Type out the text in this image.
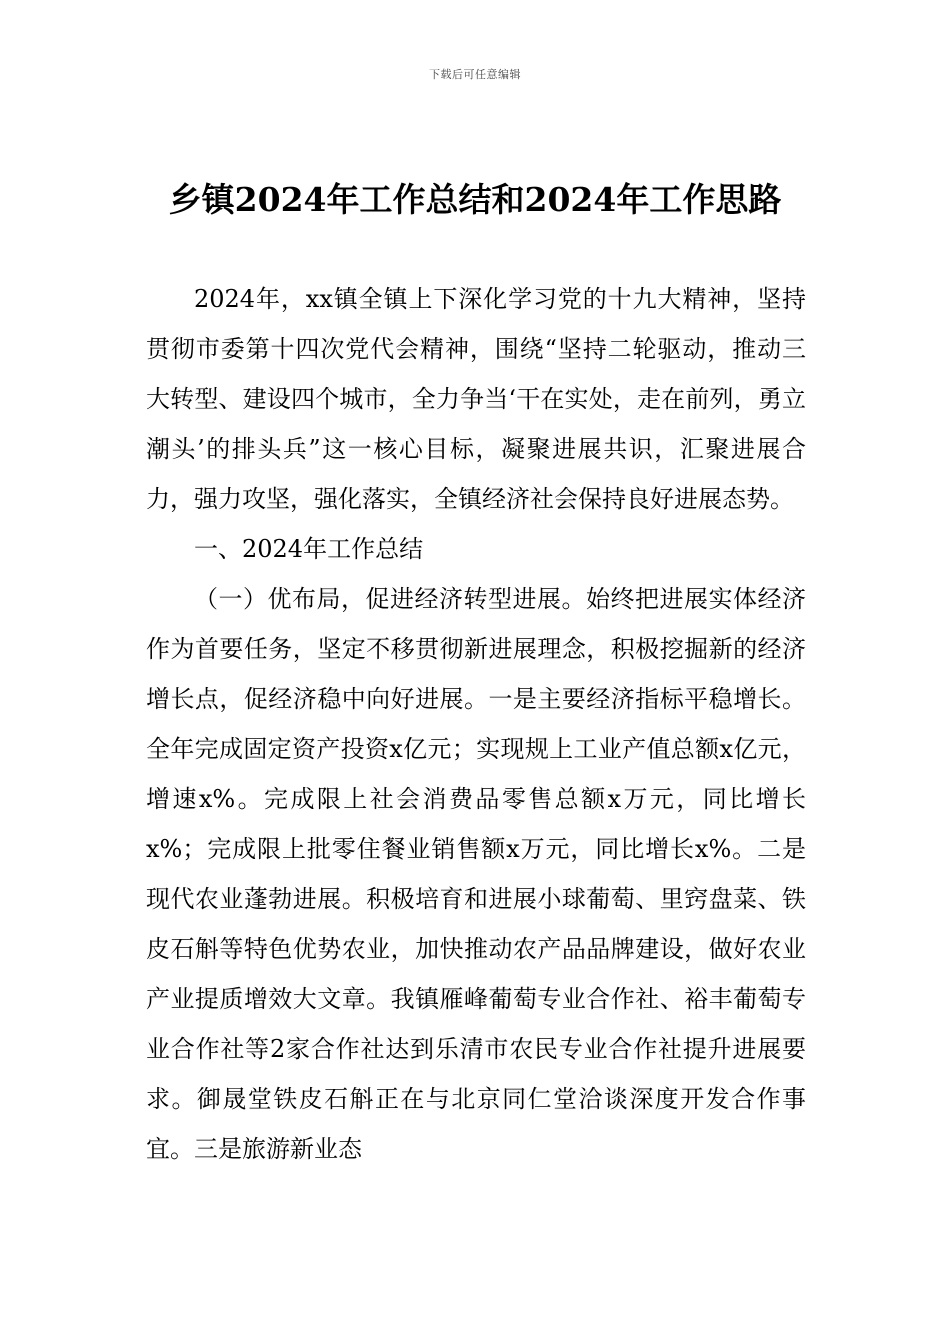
下载后可任意编辑
乡镇2024年工作总结和2024年工作思路

2024年，xx镇全镇上下深化学习党的十九大精神，坚持贯彻市委第十四次党代会精神，围绕“坚持二轮驱动，推动三大转型、建设四个城市，全力争当‘干在实处，走在前列，勇立潮头’的排头兵”这一核心目标，凝聚进展共识，汇聚进展合力，强力攻坚，强化落实，全镇经济社会保持良好进展态势。

一、2024年工作总结

（一）优布局，促进经济转型进展。始终把进展实体经济作为首要任务，坚定不移贯彻新进展理念，积极挖掘新的经济增长点，促经济稳中向好进展。一是主要经济指标平稳增长。全年完成固定资产投资x亿元；实现规上工业产值总额x亿元，增速x%。完成限上社会消费品零售总额x万元，同比增长x%；完成限上批零住餐业销售额x万元，同比增长x%。二是现代农业蓬勃进展。积极培育和进展小球葡萄、里窍盘菜、铁皮石斛等特色优势农业，加快推动农产品品牌建设，做好农业产业提质增效大文章。我镇雁峰葡萄专业合作社、裕丰葡萄专业合作社等2家合作社达到乐清市农民专业合作社提升进展要求。御晟堂铁皮石斛正在与北京同仁堂洽谈深度开发合作事宜。三是旅游新业态
